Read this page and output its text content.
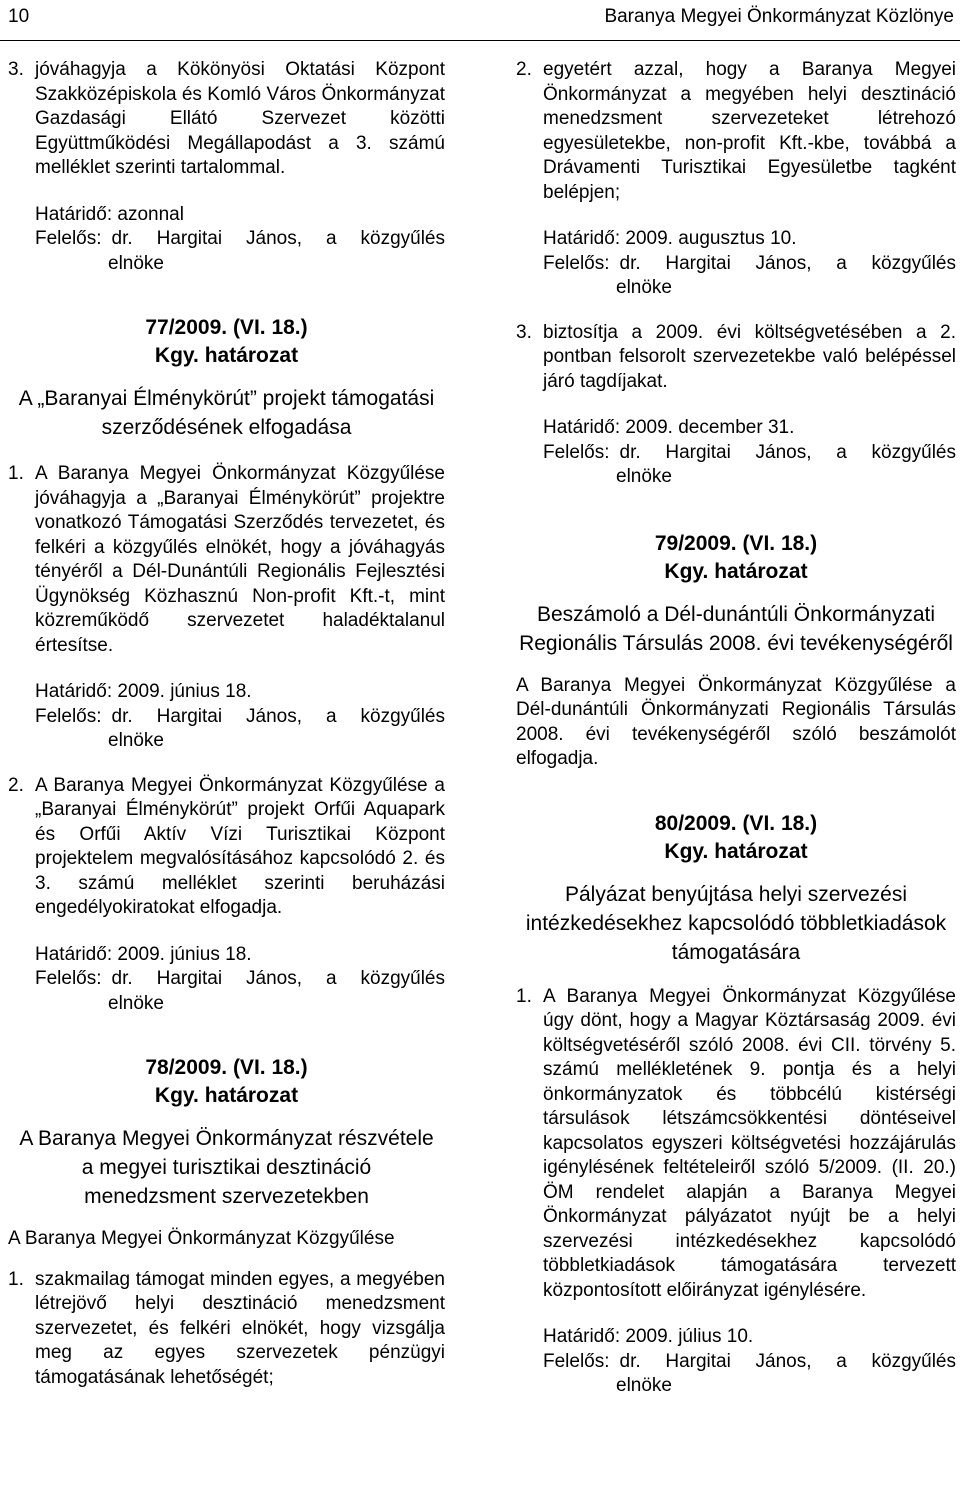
10	Baranya Megyei Önkormányzat Közlönye
3. jóváhagyja a Kökönyösi Oktatási Központ Szakközépiskola és Komló Város Önkormányzat Gazdasági Ellátó Szervezet közötti Együttműködési Megállapodást a 3. számú melléklet szerinti tartalommal.

Határidő: azonnal
Felelős: dr. Hargitai János, a közgyűlés
elnöke
77/2009. (VI. 18.)
Kgy. határozat
A „Baranyai Élménykörút” projekt támogatási szerződésének elfogadása
1. A Baranya Megyei Önkormányzat Közgyűlése jóváhagyja a „Baranyai Élménykörút” projektre vonatkozó Támogatási Szerződés tervezetet, és felkéri a közgyűlés elnökét, hogy a jóváhagyás tényéről a Dél-Dunántúli Regionális Fejlesztési Ügynökség Közhasznú Non-profit Kft.-t, mint közreműködő szervezetet haladéktalanul értesítse.

Határidő: 2009. június 18.
Felelős: dr. Hargitai János, a közgyűlés
elnöke
2. A Baranya Megyei Önkormányzat Közgyűlése a „Baranyai Élménykörút” projekt Orfűi Aquapark és Orfűi Aktív Vízi Turisztikai Központ projektelem megvalósításához kapcsolódó 2. és 3. számú melléklet szerinti beruházási engedélyokiratokat elfogadja.

Határidő: 2009. június 18.
Felelős: dr. Hargitai János, a közgyűlés
elnöke
78/2009. (VI. 18.)
Kgy. határozat
A Baranya Megyei Önkormányzat részvétele a megyei turisztikai desztináció menedzsment szervezetekben

A Baranya Megyei Önkormányzat Közgyűlése

1. szakmailag támogat minden egyes, a megyében létrejövő helyi desztináció menedzsment szervezetet, és felkéri elnökét, hogy vizsgálja meg az egyes szervezetek pénzügyi támogatásának lehetőségét;

2. egyetért azzal, hogy a Baranya Megyei Önkormányzat a megyében helyi desztináció menedzsment szervezeteket létrehozó egyesületekbe, non-profit Kft.-kbe, továbbá a Drávamenti Turisztikai Egyesületbe tagként belépjen;

Határidő: 2009. augusztus 10.
Felelős: dr. Hargitai János, a közgyűlés
elnöke
3. biztosítja a 2009. évi költségvetésében a 2. pontban felsorolt szervezetekbe való belépéssel járó tagdíjakat.

Határidő: 2009. december 31.
Felelős: dr. Hargitai János, a közgyűlés
elnöke
79/2009. (VI. 18.)
Kgy. határozat
Beszámoló a Dél-dunántúli Önkormányzati Regionális Társulás 2008. évi tevékenységéről

A Baranya Megyei Önkormányzat Közgyűlése a Dél-dunántúli Önkormányzati Regionális Társulás 2008. évi tevékenységéről szóló beszámolót elfogadja.

80/2009. (VI. 18.)
Kgy. határozat
Pályázat benyújtása helyi szervezési intézkedésekhez kapcsolódó többletkiadások támogatására
1. A Baranya Megyei Önkormányzat Közgyűlése úgy dönt, hogy a Magyar Köztársaság 2009. évi költségvetéséről szóló 2008. évi CII. törvény 5. számú mellékletének 9. pontja és a helyi önkormányzatok és többcélú kistérségi társulások létszámcsökkentési döntéseivel kapcsolatos egyszeri költségvetési hozzájárulás igénylésének feltételeiről szóló 5/2009. (II. 20.) ÖM rendelet alapján a Baranya Megyei Önkormányzat pályázatot nyújt be a helyi szervezési intézkedésekhez kapcsolódó többletkiadások támogatására tervezett központosított előirányzat igénylésére.

Határidő: 2009. július 10.
Felelős: dr. Hargitai János, a közgyűlés
elnöke
